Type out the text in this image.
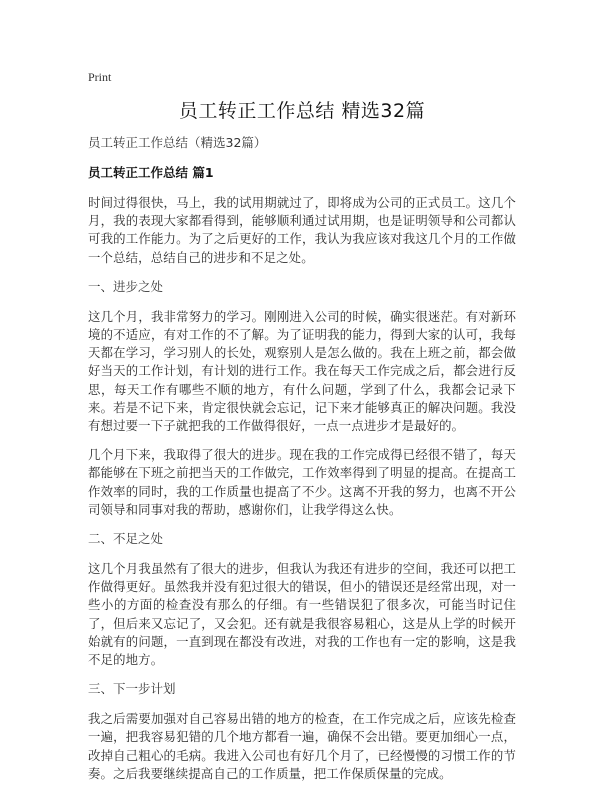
Print
员工转正工作总结 精选32篇
员工转正工作总结（精选32篇）
员工转正工作总结 篇1

时间过得很快，马上，我的试用期就过了，即将成为公司的正式员工。这几个月，我的表现大家都看得到，能够顺利通过试用期，也是证明领导和公司都认可我的工作能力。为了之后更好的工作，我认为我应该对我这几个月的工作做一个总结，总结自己的进步和不足之处。

一、进步之处

这几个月，我非常努力的学习。刚刚进入公司的时候，确实很迷茫。有对新环境的不适应，有对工作的不了解。为了证明我的能力，得到大家的认可，我每天都在学习，学习别人的长处，观察别人是怎么做的。我在上班之前，都会做好当天的工作计划，有计划的进行工作。我在每天工作完成之后，都会进行反思，每天工作有哪些不顺的地方，有什么问题，学到了什么，我都会记录下来。若是不记下来，肯定很快就会忘记，记下来才能够真正的解决问题。我没有想过要一下子就把我的工作做得很好，一点一点进步才是最好的。

几个月下来，我取得了很大的进步。现在我的工作完成得已经很不错了，每天都能够在下班之前把当天的工作做完，工作效率得到了明显的提高。在提高工作效率的同时，我的工作质量也提高了不少。这离不开我的努力，也离不开公司领导和同事对我的帮助，感谢你们，让我学得这么快。

二、不足之处

这几个月我虽然有了很大的进步，但我认为我还有进步的空间，我还可以把工作做得更好。虽然我并没有犯过很大的错误，但小的错误还是经常出现，对一些小的方面的检查没有那么的仔细。有一些错误犯了很多次，可能当时记住了，但后来又忘记了，又会犯。还有就是我很容易粗心，这是从上学的时候开始就有的问题，一直到现在都没有改进，对我的工作也有一定的影响，这是我不足的地方。

三、下一步计划

我之后需要加强对自己容易出错的地方的检查，在工作完成之后，应该先检查一遍，把我容易犯错的几个地方都看一遍，确保不会出错。要更加细心一点，改掉自己粗心的毛病。我进入公司也有好几个月了，已经慢慢的习惯工作的节奏。之后我要继续提高自己的工作质量，把工作保质保量的完成。
